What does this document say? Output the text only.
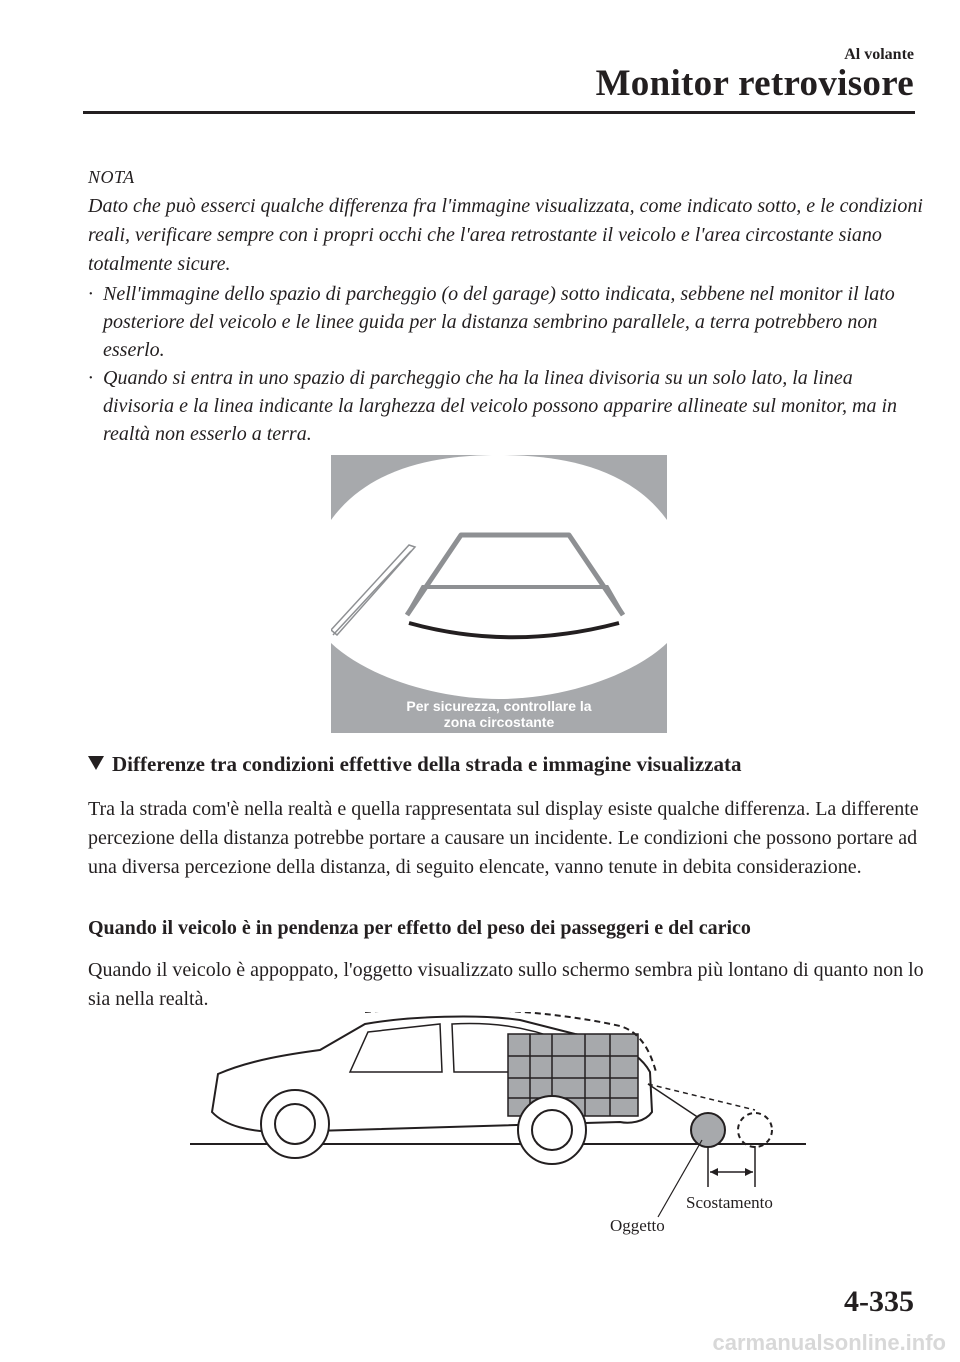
Al volante
Monitor retrovisore
NOTA
Dato che può esserci qualche differenza fra l'immagine visualizzata, come indicato sotto, e le condizioni reali, verificare sempre con i propri occhi che l'area retrostante il veicolo e l'area circostante siano totalmente sicure.
· Nell'immagine dello spazio di parcheggio (o del garage) sotto indicata, sebbene nel monitor il lato posteriore del veicolo e le linee guida per la distanza sembrino parallele, a terra potrebbero non esserlo.
· Quando si entra in uno spazio di parcheggio che ha la linea divisoria su un solo lato, la linea divisoria e la linea indicante la larghezza del veicolo possono apparire allineate sul monitor, ma in realtà non esserlo a terra.
Per sicurezza, controllare la
zona circostante
Differenze tra condizioni effettive della strada e immagine visualizzata
Tra la strada com'è nella realtà e quella rappresentata sul display esiste qualche differenza. La differente percezione della distanza potrebbe portare a causare un incidente. Le condizioni che possono portare ad una diversa percezione della distanza, di seguito elencate, vanno tenute in debita considerazione.
Quando il veicolo è in pendenza per effetto del peso dei passeggeri e del carico
Quando il veicolo è appoppato, l'oggetto visualizzato sullo schermo sembra più lontano di quanto non lo sia nella realtà.
Scostamento
Oggetto
4-335
carmanualsonline.info
